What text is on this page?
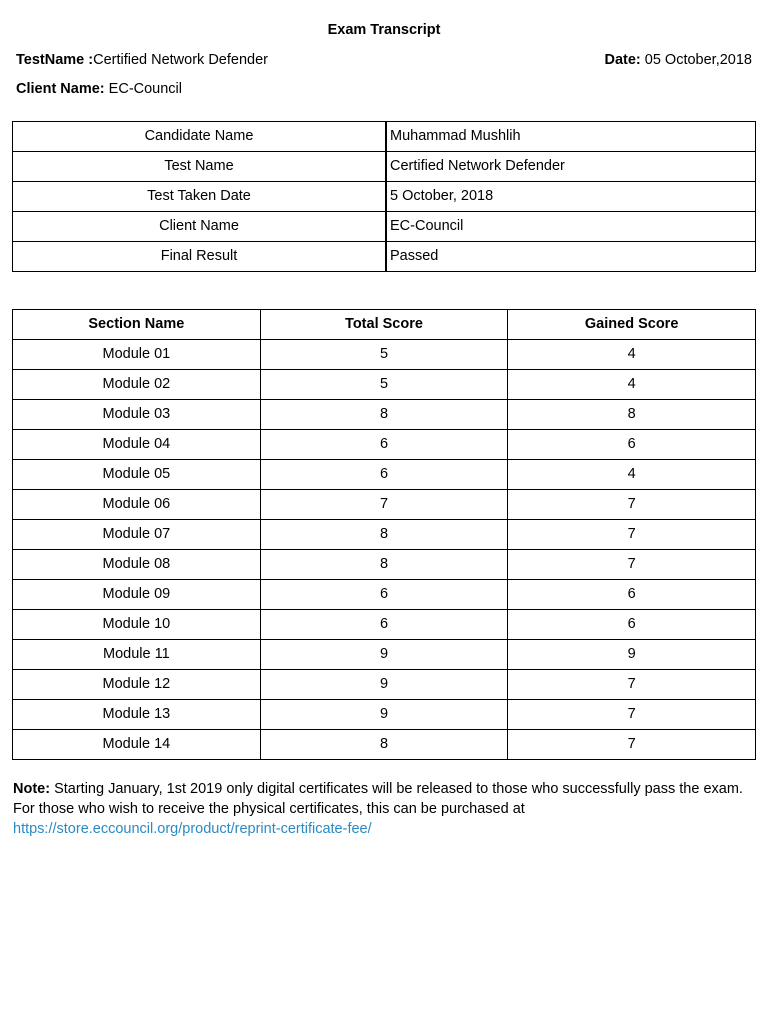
Exam Transcript
TestName :Certified Network Defender	Date: 05 October,2018
Client Name: EC-Council
Candidate Name	Muhammad Mushlih
Test Name	Certified Network Defender
Test Taken Date	5 October, 2018
Client Name	EC-Council
Final Result	Passed
Section Name	Total Score	Gained Score
Module 01	5	4
Module 02	5	4
Module 03	8	8
Module 04	6	6
Module 05	6	4
Module 06	7	7
Module 07	8	7
Module 08	8	7
Module 09	6	6
Module 10	6	6
Module 11	9	9
Module 12	9	7
Module 13	9	7
Module 14	8	7
Note: Starting January, 1st 2019 only digital certificates will be released to those who successfully pass the exam. For those who wish to receive the physical certificates, this can be purchased at
https://store.eccouncil.org/product/reprint-certificate-fee/
